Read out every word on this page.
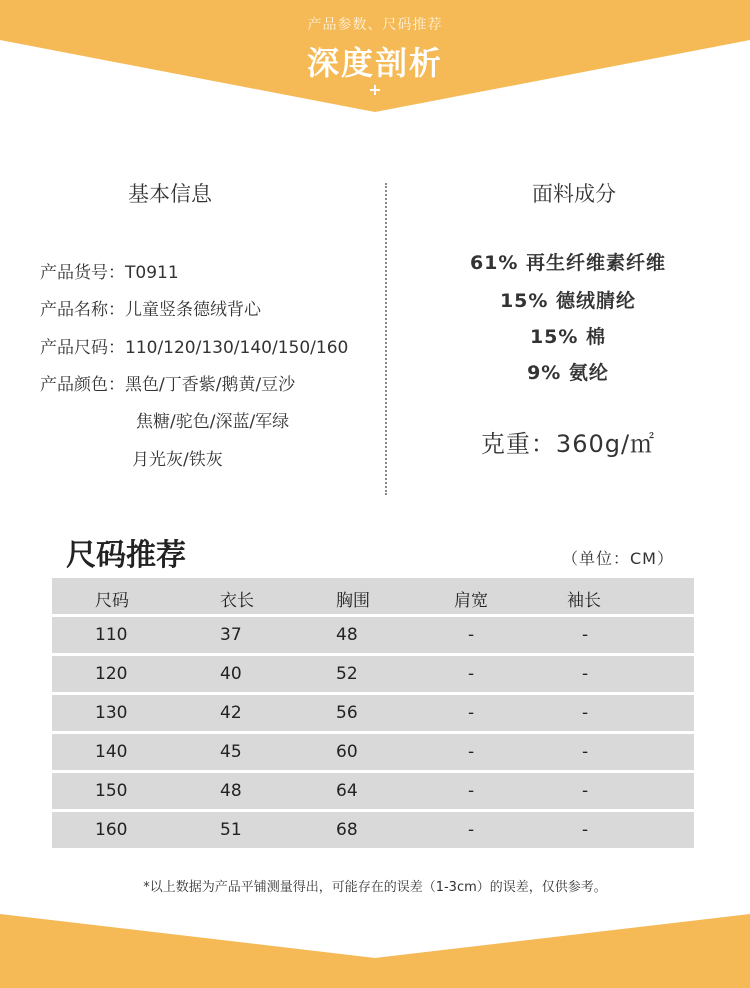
产品参数、尺码推荐
深度剖析
+
基本信息
产品货号：T0911
产品名称：儿童竖条德绒背心
产品尺码：110/120/130/140/150/160
产品颜色：黑色/丁香紫/鹅黄/豆沙
焦糖/驼色/深蓝/军绿
月光灰/铁灰
面料成分
61% 再生纤维素纤维
15% 德绒腈纶
15% 棉
9% 氨纶
克重：360g/㎡
尺码推荐	（单位：CM）
尺码	衣长	胸围	肩宽	袖长
110	37	48	-	-
120	40	52	-	-
130	42	56	-	-
140	45	60	-	-
150	48	64	-	-
160	51	68	-	-
*以上数据为产品平铺测量得出，可能存在的误差（1-3cm）的误差，仅供参考。
